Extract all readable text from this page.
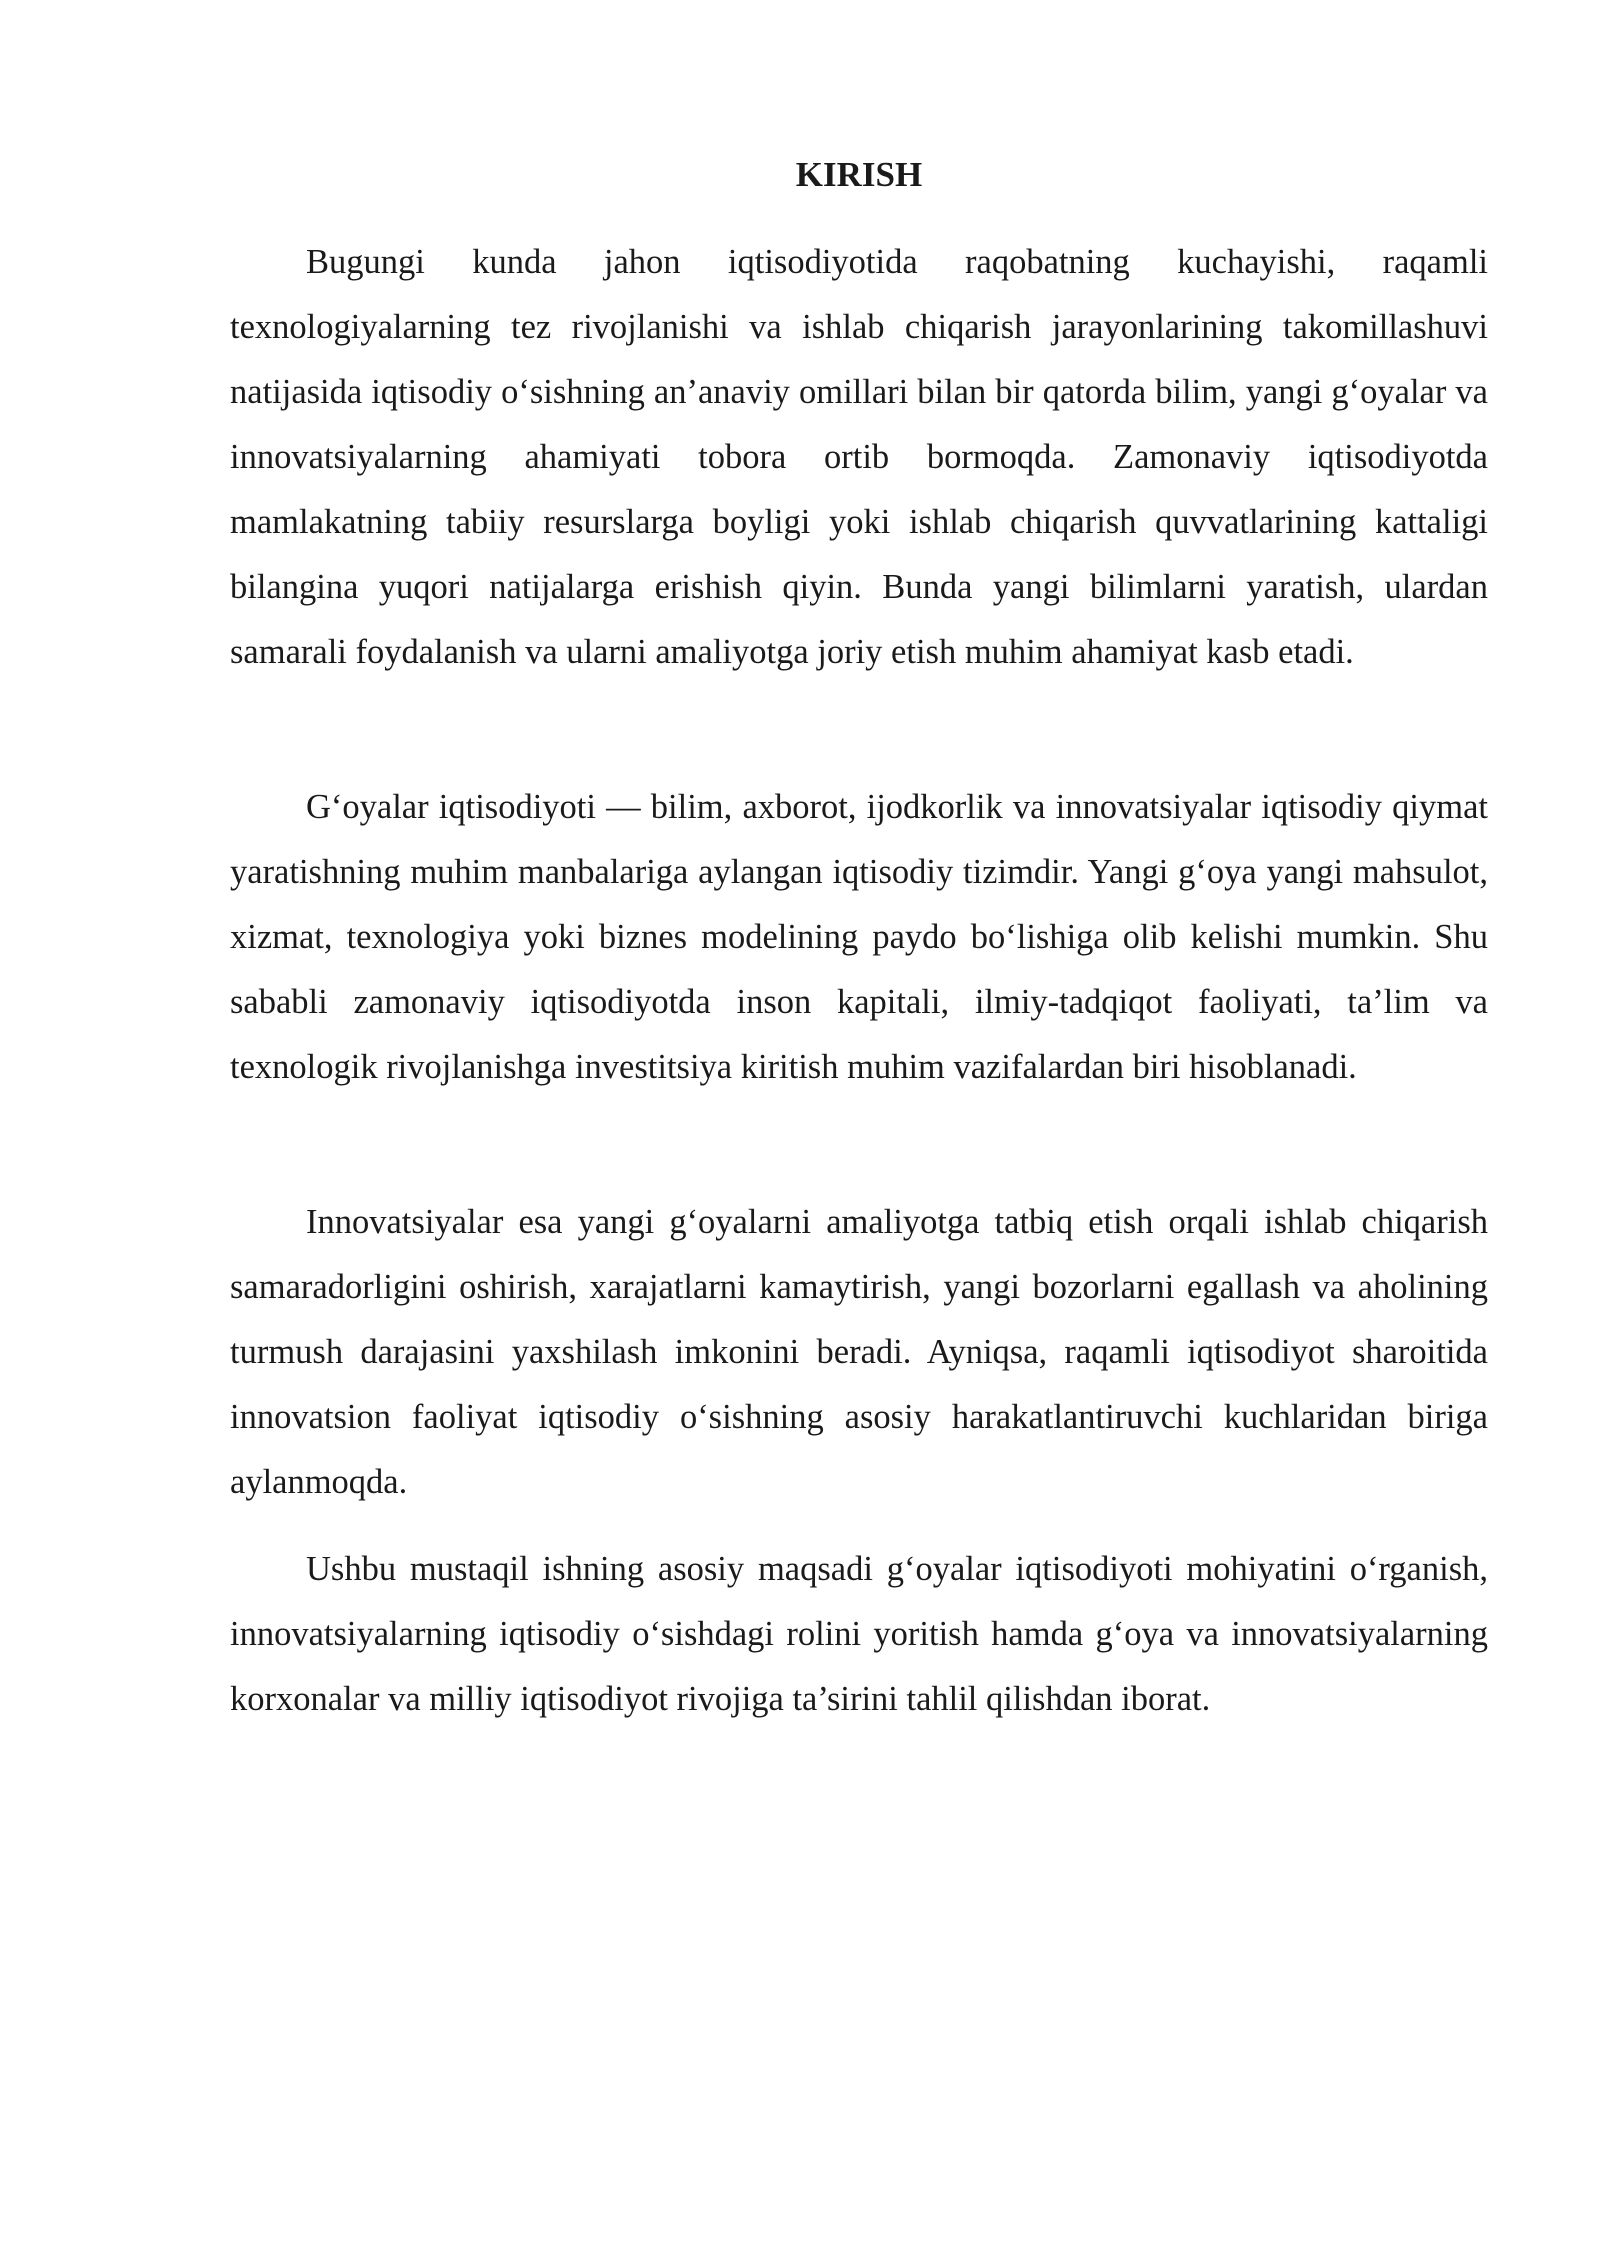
KIRISH

Bugungi kunda jahon iqtisodiyotida raqobatning kuchayishi, raqamli texnologiyalarning tez rivojlanishi va ishlab chiqarish jarayonlarining takomillashuvi natijasida iqtisodiy o‘sishning an’anaviy omillari bilan bir qatorda bilim, yangi g‘oyalar va innovatsiyalarning ahamiyati tobora ortib bormoqda. Zamonaviy iqtisodiyotda mamlakatning tabiiy resurslarga boyligi yoki ishlab chiqarish quvvatlarining kattaligi bilangina yuqori natijalarga erishish qiyin. Bunda yangi bilimlarni yaratish, ulardan samarali foydalanish va ularni amaliyotga joriy etish muhim ahamiyat kasb etadi.

G‘oyalar iqtisodiyoti — bilim, axborot, ijodkorlik va innovatsiyalar iqtisodiy qiymat yaratishning muhim manbalariga aylangan iqtisodiy tizimdir. Yangi g‘oya yangi mahsulot, xizmat, texnologiya yoki biznes modelining paydo bo‘lishiga olib kelishi mumkin. Shu sababli zamonaviy iqtisodiyotda inson kapitali, ilmiy-tadqiqot faoliyati, ta’lim va texnologik rivojlanishga investitsiya kiritish muhim vazifalardan biri hisoblanadi.

Innovatsiyalar esa yangi g‘oyalarni amaliyotga tatbiq etish orqali ishlab chiqarish samaradorligini oshirish, xarajatlarni kamaytirish, yangi bozorlarni egallash va aholining turmush darajasini yaxshilash imkonini beradi. Ayniqsa, raqamli iqtisodiyot sharoitida innovatsion faoliyat iqtisodiy o‘sishning asosiy harakatlantiruvchi kuchlaridan biriga aylanmoqda.

Ushbu mustaqil ishning asosiy maqsadi g‘oyalar iqtisodiyoti mohiyatini o‘rganish, innovatsiyalarning iqtisodiy o‘sishdagi rolini yoritish hamda g‘oya va innovatsiyalarning korxonalar va milliy iqtisodiyot rivojiga ta’sirini tahlil qilishdan iborat.
